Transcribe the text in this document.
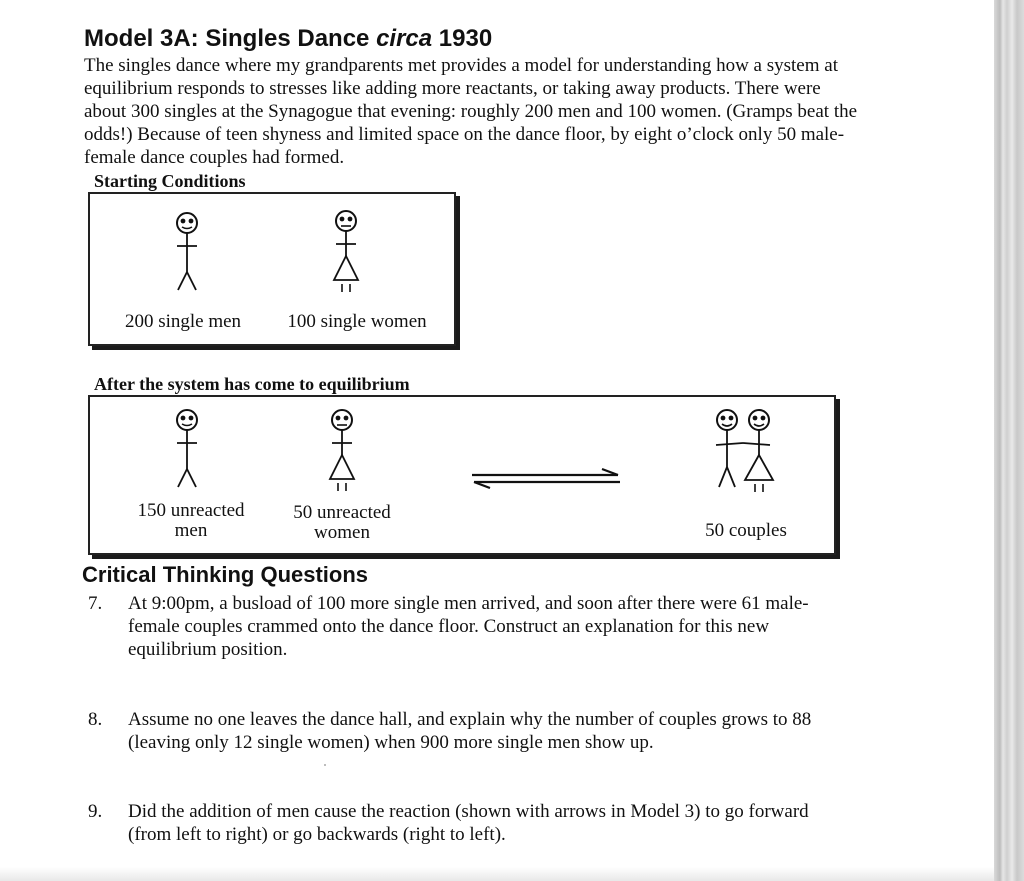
Model 3A: Singles Dance circa 1930

The singles dance where my grandparents met provides a model for understanding how a system at equilibrium responds to stresses like adding more reactants, or taking away products. There were about 300 singles at the Synagogue that evening: roughly 200 men and 100 women. (Gramps beat the odds!) Because of teen shyness and limited space on the dance floor, by eight o’clock only 50 male-female dance couples had formed.

Starting Conditions
200 single men	100 single women
After the system has come to equilibrium
150 unreacted
men
50 unreacted
women	50 couples
Critical Thinking Questions
7.	At 9:00pm, a busload of 100 more single men arrived, and soon after there were 61 male-female couples crammed onto the dance floor. Construct an explanation for this new equilibrium position.
8.	Assume no one leaves the dance hall, and explain why the number of couples grows to 88 (leaving only 12 single women) when 900 more single men show up.
9.	Did the addition of men cause the reaction (shown with arrows in Model 3) to go forward (from left to right) or go backwards (right to left).
